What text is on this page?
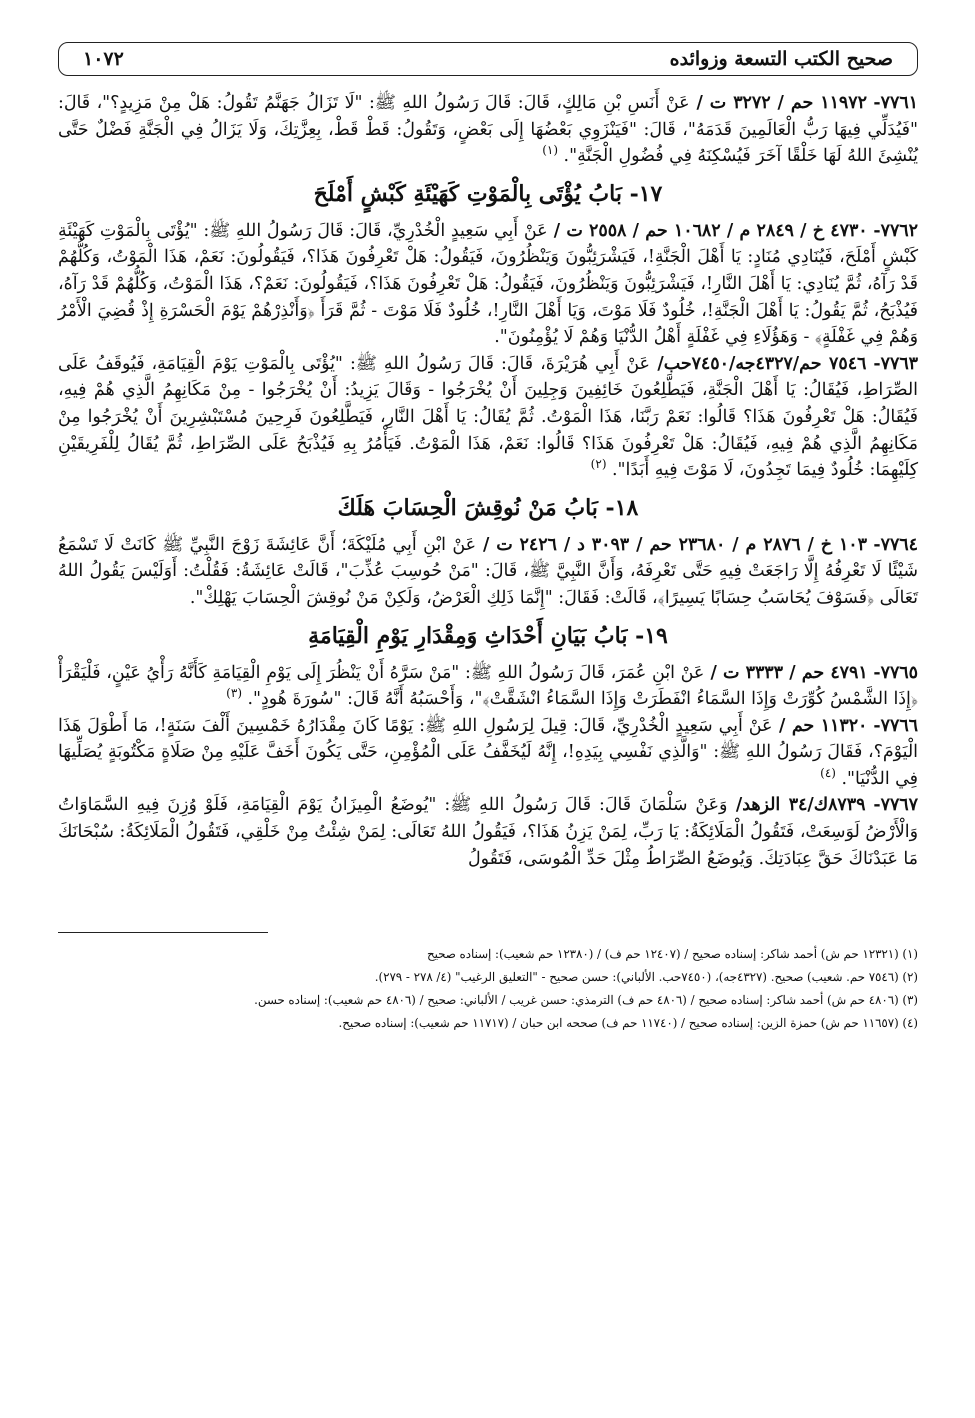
صحيح الكتب التسعة وزوائده
١٠٧٢

٧٧٦١- ١١٩٧٢ حم / ٣٢٧٢ ت / عَنْ أَنَسِ بْنِ مَالِكٍ، قَالَ: قَالَ رَسُولُ اللهِ ﷺ: "لَا تَزَالُ جَهَنَّمُ تَقُولُ: هَلْ مِنْ مَزِيدٍ؟"، قَالَ: "فَيُدَلِّي فِيهَا رَبُّ الْعَالَمِينَ قَدَمَهُ"، قَالَ: "فَيَنْزَوِي بَعْضُهَا إِلَى بَعْضٍ، وَتَقُولُ: قَطْ قَطْ، بِعِزَّتِكَ، وَلَا يَزَالُ فِي الْجَنَّةِ فَضْلٌ حَتَّى يُنْشِئَ اللهُ لَهَا خَلْقًا آخَرَ فَيُسْكِنَهُ فِي فُضُولِ الْجَنَّةِ". $^{(١)}$

١٧- بَابُ يُؤْتَى بِالْمَوْتِ كَهَيْئَةِ كَبْشٍ أَمْلَحَ

٧٧٦٢- ٤٧٣٠ خ / ٢٨٤٩ م / ١٠٦٨٢ حم / ٢٥٥٨ ت / عَنْ أَبِي سَعِيدٍ الْخُدْرِيِّ، قَالَ: قَالَ رَسُولُ اللهِ ﷺ: "يُؤْتَى بِالْمَوْتِ كَهَيْئَةِ كَبْشٍ أَمْلَحَ، فَيُنَادِي مُنَادٍ: يَا أَهْلَ الْجَنَّةِ!، فَيَشْرَئِبُّونَ وَيَنْظُرُونَ، فَيَقُولُ: هَلْ تَعْرِفُونَ هَذَا؟، فَيَقُولُونَ: نَعَمْ، هَذَا الْمَوْتُ، وَكُلُّهُمْ قَدْ رَآهُ، ثُمَّ يُنَادِي: يَا أَهْلَ النَّارِ!، فَيَشْرَئِبُّونَ وَيَنْظُرُونَ، فَيَقُولُ: هَلْ تَعْرِفُونَ هَذَا؟، فَيَقُولُونَ: نَعَمْ؟، هَذَا الْمَوْتُ، وَكُلُّهُمْ قَدْ رَآهُ، فَيُذْبَحُ، ثُمَّ يَقُولُ: يَا أَهْلَ الْجَنَّةِ!، خُلُودٌ فَلَا مَوْتَ، وَيَا أَهْلَ النَّارِ!، خُلُودٌ فَلَا مَوْتَ - ثُمَّ قَرَأَ ﴿وَأَنْذِرْهُمْ يَوْمَ الْحَسْرَةِ إِذْ قُضِيَ الْأَمْرُ وَهُمْ فِي غَفْلَةٍ﴾ - وَهَؤُلَاءِ فِي غَفْلَةٍ أَهْلُ الدُّنْيَا وَهُمْ لَا يُؤْمِنُونَ".

٧٧٦٣- ٧٥٤٦ حم/٤٣٢٧جه/٧٤٥٠حب/ عَنْ أَبِي هُرَيْرَةَ، قَالَ: قَالَ رَسُولُ اللهِ ﷺ: "يُؤْتَى بِالْمَوْتِ يَوْمَ الْقِيَامَةِ، فَيُوقَفُ عَلَى الصِّرَاطِ، فَيُقَالُ: يَا أَهْلَ الْجَنَّةِ، فَيَطَّلِعُونَ خَائِفِينَ وَجِلِينَ أَنْ يُخْرَجُوا - وَقَالَ يَزِيدُ: أَنْ يُخْرَجُوا - مِنْ مَكَانِهِمُ الَّذِي هُمْ فِيهِ، فَيُقَالُ: هَلْ تَعْرِفُونَ هَذَا؟ قَالُوا: نَعَمْ رَبَّنَا، هَذَا الْمَوْتُ. ثُمَّ يُقَالُ: يَا أَهْلَ النَّارِ، فَيَطَّلِعُونَ فَرِحِينَ مُسْتَبْشِرِينَ أَنْ يُخْرَجُوا مِنْ مَكَانِهِمُ الَّذِي هُمْ فِيهِ، فَيُقَالُ: هَلْ تَعْرِفُونَ هَذَا؟ قَالُوا: نَعَمْ، هَذَا الْمَوْتُ. فَيَأْمُرُ بِهِ فَيُذْبَحُ عَلَى الصِّرَاطِ، ثُمَّ يُقَالُ لِلْفَرِيقَيْنِ كِلَيْهِمَا: خُلُودٌ فِيمَا تَجِدُونَ، لَا مَوْتَ فِيهِ أَبَدًا". $^{(٢)}$

١٨- بَابُ مَنْ نُوقِشَ الْحِسَابَ هَلَكَ

٧٧٦٤- ١٠٣ خ / ٢٨٧٦ م / ٢٣٦٨٠ حم / ٣٠٩٣ د / ٢٤٢٦ ت / عَنْ ابْنِ أَبِي مُلَيْكَةَ؛ أَنَّ عَائِشَةَ زَوْجَ النَّبِيِّ ﷺ كَانَتْ لَا تَسْمَعُ شَيْئًا لَا تَعْرِفُهُ إِلَّا رَاجَعَتْ فِيهِ حَتَّى تَعْرِفَهُ، وَأَنَّ النَّبِيَّ ﷺ، قَالَ: "مَنْ حُوسِبَ عُذِّبَ"، قَالَتْ عَائِشَةُ: فَقُلْتُ: أَوَلَيْسَ يَقُولُ اللهُ تَعَالَى ﴿فَسَوْفَ يُحَاسَبُ حِسَابًا يَسِيرًا﴾، قَالَتْ: فَقَالَ: "إِنَّمَا ذَلِكِ الْعَرْضُ، وَلَكِنْ مَنْ نُوقِشَ الْحِسَابَ يَهْلِكْ".

١٩- بَابُ بَيَانِ أَحْدَاثِ وَمِقْدَارِ يَوْمِ الْقِيَامَةِ

٧٧٦٥- ٤٧٩١ حم / ٣٣٣٣ ت / عَنْ ابْنِ عُمَرَ، قَالَ رَسُولُ اللهِ ﷺ: "مَنْ سَرَّهُ أَنْ يَنْظُرَ إِلَى يَوْمِ الْقِيَامَةِ كَأَنَّهُ رَأْيُ عَيْنٍ، فَلْيَقْرَأْ ﴿إِذَا الشَّمْسُ كُوِّرَتْ وَإِذَا السَّمَاءُ انْفَطَرَتْ وَإِذَا السَّمَاءُ انْشَقَّتْ﴾"، وَأَحْسَبُهُ أَنَّهُ قَالَ: "سُورَةَ هُودٍ". $^{(٣)}$

٧٧٦٦- ١١٣٢٠ حم / عَنْ أَبِي سَعِيدٍ الْخُدْرِيِّ، قَالَ: قِيلَ لِرَسُولِ اللهِ ﷺ: يَوْمًا كَانَ مِقْدَارُهُ خَمْسِينَ أَلْفَ سَنَةٍ!، مَا أَطْوَلَ هَذَا الْيَوْمَ؟، فَقَالَ رَسُولُ اللهِ ﷺ: "وَالَّذِي نَفْسِي بِيَدِهِ!، إِنَّهُ لَيُخَفَّفُ عَلَى الْمُؤْمِنِ، حَتَّى يَكُونَ أَخَفَّ عَلَيْهِ مِنْ صَلَاةٍ مَكْتُوبَةٍ يُصَلِّيهَا فِي الدُّنْيَا". $^{(٤)}$

٧٧٦٧- ٨٧٣٩ك/٣٤ الزهد/ وَعَنْ سَلْمَانَ قَالَ: قَالَ رَسُولُ اللهِ ﷺ: "يُوضَعُ الْمِيزَانُ يَوْمَ الْقِيَامَةِ، فَلَوْ وُزِنَ فِيهِ السَّمَاوَاتُ وَالْأَرْضُ لَوَسِعَتْ، فَتَقُولُ الْمَلَائِكَةُ: يَا رَبِّ، لِمَنْ يَزِنُ هَذَا؟، فَيَقُولُ اللهُ تَعَالَى: لِمَنْ شِئْتُ مِنْ خَلْقِي، فَتَقُولُ الْمَلَائِكَةُ: سُبْحَانَكَ مَا عَبَدْنَاكَ حَقَّ عِبَادَتِكَ. وَيُوضَعُ الصِّرَاطُ مِثْلَ حَدِّ الْمُوسَى، فَتَقُولُ

(١) (١٢٣٢١ حم ش) أحمد شاكر: إسناده صحيح / (١٢٤٠٧ حم ف) / (١٢٣٨٠ حم شعيب): إسناده صحيح

(٢) (٧٥٤٦ حم. شعيب) صحيح. (٤٣٢٧جه)، (٧٤٥٠حب. الألباني): حسن صحيح - "التعليق الرغيب" (٤/ ٢٧٨ - ٢٧٩).

(٣) (٤٨٠٦ حم ش) أحمد شاكر: إسناده صحيح / (٤٨٠٦ حم ف) الترمذي: حسن غريب / الألباني: صحيح / (٤٨٠٦ حم شعيب): إسناده حسن.

(٤) (١١٦٥٧ حم ش) حمزة الزين: إسناده صحيح / (١١٧٤٠ حم ف) صححه ابن حبان / (١١٧١٧ حم شعيب): إسناده صحيح.
